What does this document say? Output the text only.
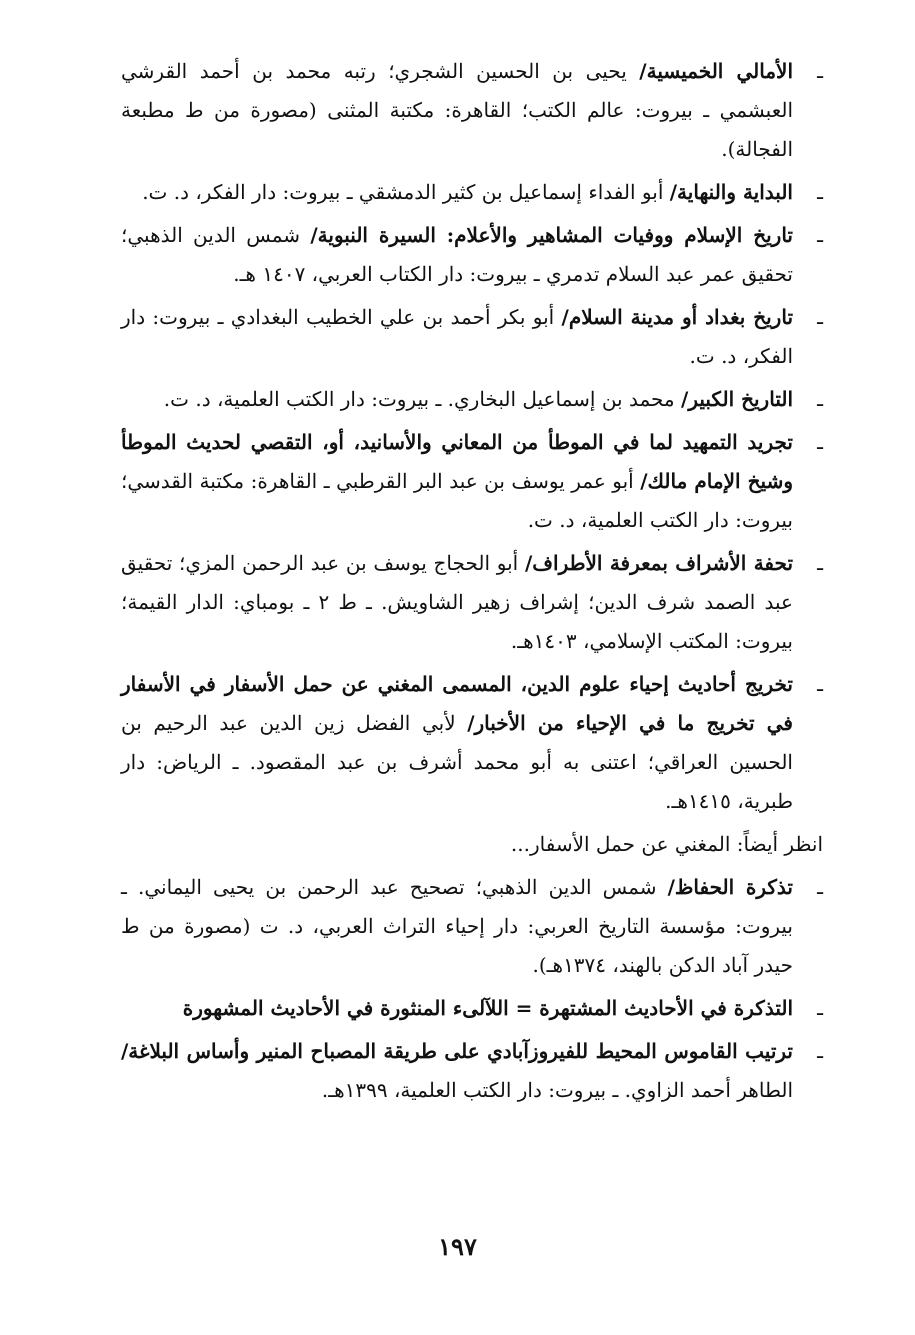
ـ
الأمالي الخميسية/ يحيى بن الحسين الشجري؛ رتبه محمد بن أحمد القرشي العبشمي ـ بيروت: عالم الكتب؛ القاهرة: مكتبة المثنى (مصورة من ط مطبعة الفجالة).

ـ
البداية والنهاية/ أبو الفداء إسماعيل بن كثير الدمشقي ـ بيروت: دار الفكر، د. ت.

ـ
تاريخ الإسلام ووفيات المشاهير والأعلام: السيرة النبوية/ شمس الدين الذهبي؛ تحقيق عمر عبد السلام تدمري ـ بيروت: دار الكتاب العربي، ١٤٠٧ هـ.

ـ
تاريخ بغداد أو مدينة السلام/ أبو بكر أحمد بن علي الخطيب البغدادي ـ بيروت: دار الفكر، د. ت.

ـ
التاريخ الكبير/ محمد بن إسماعيل البخاري. ـ بيروت: دار الكتب العلمية، د. ت.

ـ
تجريد التمهيد لما في الموطأ من المعاني والأسانيد، أو، التقصي لحديث الموطأ وشيخ الإمام مالك/ أبو عمر يوسف بن عبد البر القرطبي ـ القاهرة: مكتبة القدسي؛ بيروت: دار الكتب العلمية، د. ت.

ـ
تحفة الأشراف بمعرفة الأطراف/ أبو الحجاج يوسف بن عبد الرحمن المزي؛ تحقيق عبد الصمد شرف الدين؛ إشراف زهير الشاويش. ـ ط ٢ ـ بومباي: الدار القيمة؛ بيروت: المكتب الإسلامي، ١٤٠٣هـ.

ـ
تخريج أحاديث إحياء علوم الدين، المسمى المغني عن حمل الأسفار في الأسفار في تخريج ما في الإحياء من الأخبار/ لأبي الفضل زين الدين عبد الرحيم بن الحسين العراقي؛ اعتنى به أبو محمد أشرف بن عبد المقصود. ـ الرياض: دار طبرية، ١٤١٥هـ.

انظر أيضاً: المغني عن حمل الأسفار...

ـ
تذكرة الحفاظ/ شمس الدين الذهبي؛ تصحيح عبد الرحمن بن يحيى اليماني. ـ بيروت: مؤسسة التاريخ العربي: دار إحياء التراث العربي، د. ت (مصورة من ط حيدر آباد الدكن بالهند، ١٣٧٤هـ).

ـ
التذكرة في الأحاديث المشتهرة = اللآلىء المنثورة في الأحاديث المشهورة

ـ
ترتيب القاموس المحيط للفيروزآبادي على طريقة المصباح المنير وأساس البلاغة/ الطاهر أحمد الزاوي. ـ بيروت: دار الكتب العلمية، ١٣٩٩هـ.

١٩٧
